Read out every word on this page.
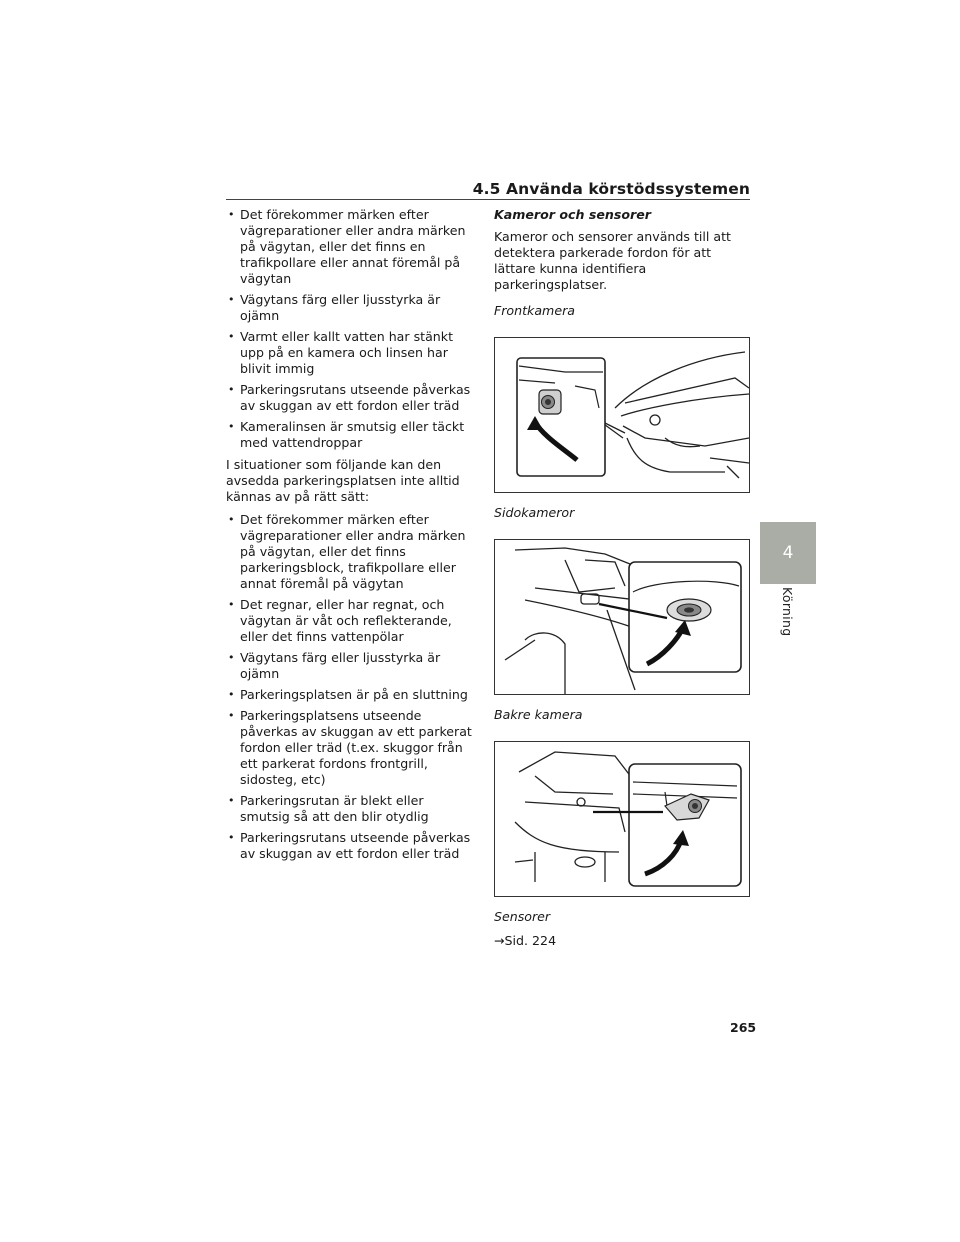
4.5 Använda körstödssystemen
4
Körning
• Det förekommer märken efter vägreparationer eller andra märken på vägytan, eller det finns en trafikpollare eller annat föremål på vägytan
• Vägytans färg eller ljusstyrka är ojämn
• Varmt eller kallt vatten har stänkt upp på en kamera och linsen har blivit immig
• Parkeringsrutans utseende påverkas av skuggan av ett fordon eller träd
• Kameralinsen är smutsig eller täckt med vattendroppar
I situationer som följande kan den avsedda parkeringsplatsen inte alltid kännas av på rätt sätt:
• Det förekommer märken efter vägreparationer eller andra märken på vägytan, eller det finns parkeringsblock, trafikpollare eller annat föremål på vägytan
• Det regnar, eller har regnat, och vägytan är våt och reflekterande, eller det finns vattenpölar
• Vägytans färg eller ljusstyrka är ojämn
• Parkeringsplatsen är på en sluttning
• Parkeringsplatsens utseende påverkas av skuggan av ett parkerat fordon eller träd (t.ex. skuggor från ett parkerat fordons frontgrill, sidosteg, etc)
• Parkeringsrutan är blekt eller smutsig så att den blir otydlig
• Parkeringsrutans utseende påverkas av skuggan av ett fordon eller träd
Kameror och sensorer
Kameror och sensorer används till att detektera parkerade fordon för att lättare kunna identifiera parkeringsplatser.
Frontkamera
Sidokameror
Bakre kamera
Sensorer
→Sid. 224
265
